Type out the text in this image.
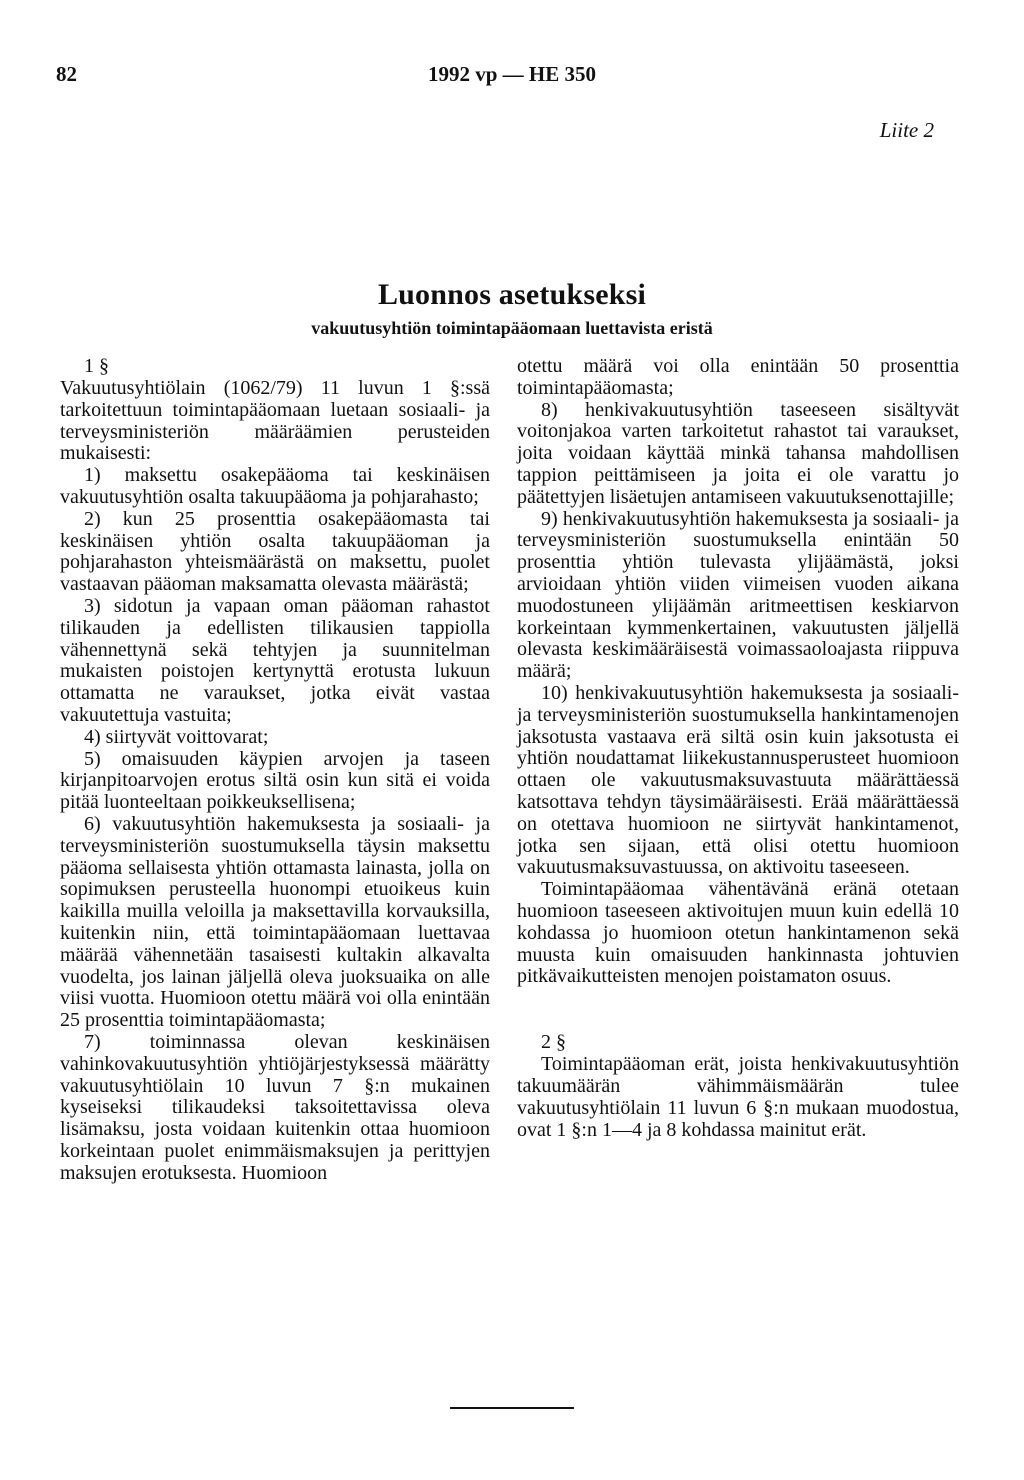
82	1992 vp — HE 350
Liite 2
Luonnos asetukseksi
vakuutusyhtiön toimintapääomaan luettavista eristä

1 §

Vakuutusyhtiölain (1062/79) 11 luvun 1 §:ssä tarkoitettuun toimintapääomaan luetaan sosiaali- ja terveysministeriön määräämien perusteiden mukaisesti:

1) maksettu osakepääoma tai keskinäisen vakuutusyhtiön osalta takuupääoma ja pohjarahasto;

2) kun 25 prosenttia osakepääomasta tai keskinäisen yhtiön osalta takuupääoman ja pohjarahaston yhteismäärästä on maksettu, puolet vastaavan pääoman maksamatta olevasta määrästä;

3) sidotun ja vapaan oman pääoman rahastot tilikauden ja edellisten tilikausien tappiolla vähennettynä sekä tehtyjen ja suunnitelman mukaisten poistojen kertynyttä erotusta lukuun ottamatta ne varaukset, jotka eivät vastaa vakuutettuja vastuita;

4) siirtyvät voittovarat;

5) omaisuuden käypien arvojen ja taseen kirjanpitoarvojen erotus siltä osin kun sitä ei voida pitää luonteeltaan poikkeuksellisena;

6) vakuutusyhtiön hakemuksesta ja sosiaali- ja terveysministeriön suostumuksella täysin maksettu pääoma sellaisesta yhtiön ottamasta lainasta, jolla on sopimuksen perusteella huonompi etuoikeus kuin kaikilla muilla veloilla ja maksettavilla korvauksilla, kuitenkin niin, että toimintapääomaan luettavaa määrää vähennetään tasaisesti kultakin alkavalta vuodelta, jos lainan jäljellä oleva juoksuaika on alle viisi vuotta. Huomioon otettu määrä voi olla enintään 25 prosenttia toimintapääomasta;

7) toiminnassa olevan keskinäisen vahinkovakuutusyhtiön yhtiöjärjestyksessä määrätty vakuutusyhtiölain 10 luvun 7 §:n mukainen kyseiseksi tilikaudeksi taksoitettavissa oleva lisämaksu, josta voidaan kuitenkin ottaa huomioon korkeintaan puolet enimmäismaksujen ja perittyjen maksujen erotuksesta. Huomioon

otettu määrä voi olla enintään 50 prosenttia toimintapääomasta;

8) henkivakuutusyhtiön taseeseen sisältyvät voitonjakoa varten tarkoitetut rahastot tai varaukset, joita voidaan käyttää minkä tahansa mahdollisen tappion peittämiseen ja joita ei ole varattu jo päätettyjen lisäetujen antamiseen vakuutuksenottajille;

9) henkivakuutusyhtiön hakemuksesta ja sosiaali- ja terveysministeriön suostumuksella enintään 50 prosenttia yhtiön tulevasta ylijäämästä, joksi arvioidaan yhtiön viiden viimeisen vuoden aikana muodostuneen ylijäämän aritmeettisen keskiarvon korkeintaan kymmenkertainen, vakuutusten jäljellä olevasta keskimääräisestä voimassaoloajasta riippuva määrä;

10) henkivakuutusyhtiön hakemuksesta ja sosiaali- ja terveysministeriön suostumuksella hankintamenojen jaksotusta vastaava erä siltä osin kuin jaksotusta ei yhtiön noudattamat liikekustannusperusteet huomioon ottaen ole vakuutusmaksuvastuuta määrättäessä katsottava tehdyn täysimääräisesti. Erää määrättäessä on otettava huomioon ne siirtyvät hankintamenot, jotka sen sijaan, että olisi otettu huomioon vakuutusmaksuvastuussa, on aktivoitu taseeseen.

Toimintapääomaa vähentävänä eränä otetaan huomioon taseeseen aktivoitujen muun kuin edellä 10 kohdassa jo huomioon otetun hankintamenon sekä muusta kuin omaisuuden hankinnasta johtuvien pitkävaikutteisten menojen poistamaton osuus.

2 §

Toimintapääoman erät, joista henkivakuutusyhtiön takuumäärän vähimmäismäärän tulee vakuutusyhtiölain 11 luvun 6 §:n mukaan muodostua, ovat 1 §:n 1—4 ja 8 kohdassa mainitut erät.
